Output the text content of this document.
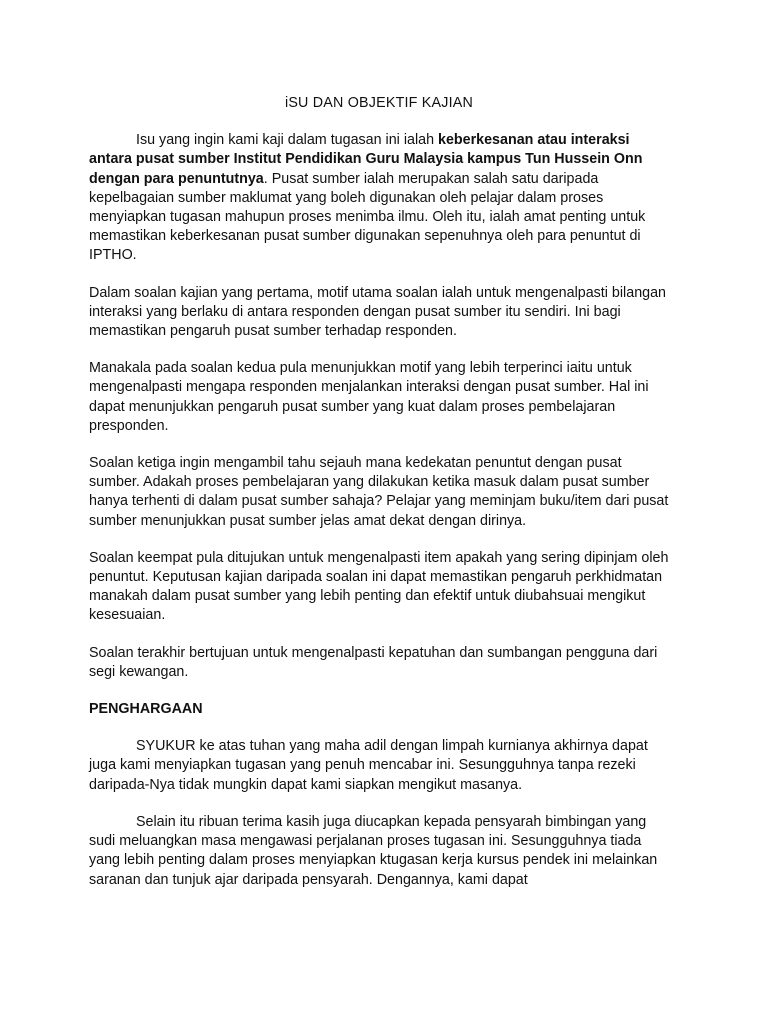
iSU DAN OBJEKTIF KAJIAN

Isu yang ingin kami kaji dalam tugasan ini ialah keberkesanan atau interaksi antara pusat sumber Institut Pendidikan Guru Malaysia kampus Tun Hussein Onn dengan para penuntutnya. Pusat sumber ialah merupakan salah satu daripada kepelbagaian sumber maklumat yang boleh digunakan oleh pelajar dalam proses menyiapkan tugasan mahupun proses menimba ilmu. Oleh itu, ialah amat penting untuk memastikan keberkesanan pusat sumber digunakan sepenuhnya oleh para penuntut di IPTHO.

Dalam soalan kajian yang pertama, motif utama soalan ialah untuk mengenalpasti bilangan interaksi yang berlaku di antara responden dengan pusat sumber itu sendiri. Ini bagi memastikan pengaruh pusat sumber terhadap responden.

Manakala pada soalan kedua pula menunjukkan motif yang lebih terperinci iaitu untuk mengenalpasti mengapa responden menjalankan interaksi dengan pusat sumber. Hal ini dapat menunjukkan pengaruh pusat sumber yang kuat dalam proses pembelajaran presponden.

Soalan ketiga ingin mengambil tahu sejauh mana kedekatan penuntut dengan pusat sumber. Adakah proses pembelajaran yang dilakukan ketika masuk dalam pusat sumber hanya terhenti di dalam pusat sumber sahaja? Pelajar yang meminjam buku/item dari pusat sumber menunjukkan pusat sumber jelas amat dekat dengan dirinya.

Soalan keempat pula ditujukan untuk mengenalpasti item apakah yang sering dipinjam oleh penuntut. Keputusan kajian daripada soalan ini dapat memastikan pengaruh perkhidmatan manakah dalam pusat sumber yang lebih penting dan efektif untuk diubahsuai mengikut kesesuaian.

Soalan terakhir bertujuan untuk mengenalpasti kepatuhan dan sumbangan pengguna dari segi kewangan.

PENGHARGAAN

SYUKUR ke atas tuhan yang maha adil dengan limpah kurnianya akhirnya dapat juga kami menyiapkan tugasan yang penuh mencabar ini. Sesungguhnya tanpa rezeki daripada-Nya tidak mungkin dapat kami siapkan mengikut masanya.

Selain itu ribuan terima kasih juga diucapkan kepada pensyarah bimbingan yang sudi meluangkan masa mengawasi perjalanan proses tugasan ini. Sesungguhnya tiada yang lebih penting dalam proses menyiapkan ktugasan kerja kursus pendek ini melainkan saranan dan tunjuk ajar daripada pensyarah. Dengannya, kami dapat
